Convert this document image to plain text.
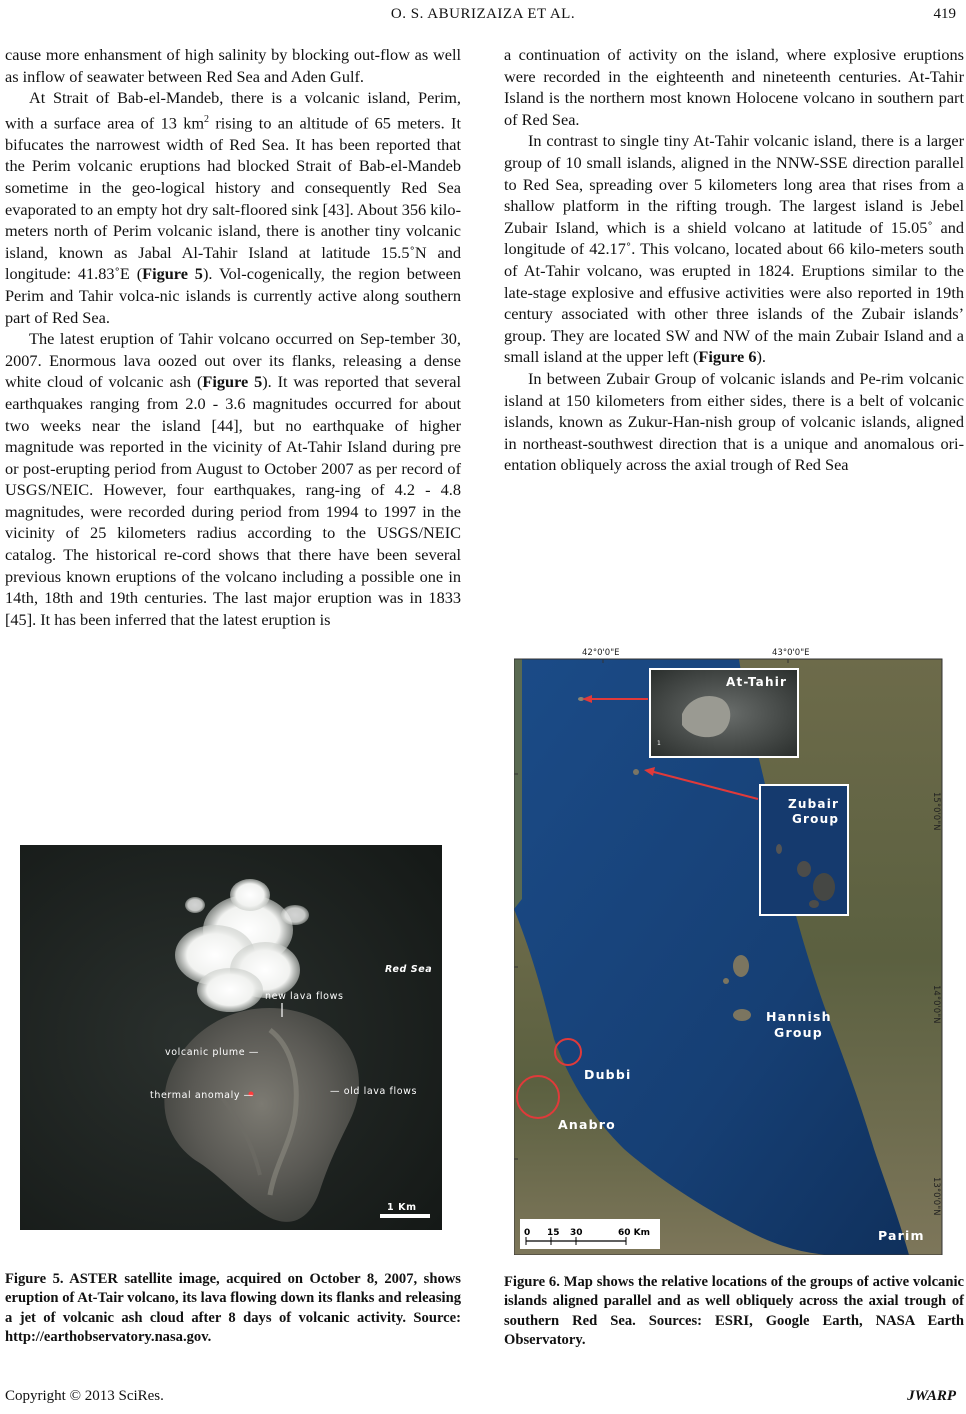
O. S. ABURIZAIZA ET AL.	419

cause more enhansment of high salinity by blocking out-flow as well as inflow of seawater between Red Sea and Aden Gulf.

At Strait of Bab-el-Mandeb, there is a volcanic island, Perim, with a surface area of 13 $km^2$ rising to an altitude of 65 meters. It bifucates the narrowest width of Red Sea. It has been reported that the Perim volcanic eruptions had blocked Strait of Bab-el-Mandeb sometime in the geo-logical history and consequently Red Sea evaporated to an empty hot dry salt-floored sink [43]. About 356 kilo-meters north of Perim volcanic island, there is another tiny volcanic island, known as Jabal Al-Tahir Island at latitude 15.5˚N and longitude: 41.83˚E (Figure 5). Vol-cogenically, the region between Perim and Tahir volca-nic islands is currently active along southern part of Red Sea.

The latest eruption of Tahir volcano occurred on Sep-tember 30, 2007. Enormous lava oozed out over its flanks, releasing a dense white cloud of volcanic ash (Figure 5). It was reported that several earthquakes ranging from 2.0 - 3.6 magnitudes occurred for about two weeks near the island [44], but no earthquake of higher magnitude was reported in the vicinity of At-Tahir Island during pre or post-erupting period from August to October 2007 as per record of USGS/NEIC. However, four earthquakes, rang-ing of 4.2 - 4.8 magnitudes, were recorded during period from 1994 to 1997 in the vicinity of 25 kilometers radius according to the USGS/NEIC catalog. The historical re-cord shows that there have been several previous known eruptions of the volcano including a possible one in 14th, 18th and 19th centuries. The last major eruption was in 1833 [45]. It has been inferred that the latest eruption is

a continuation of activity on the island, where explosive eruptions were recorded in the eighteenth and nineteenth centuries. At-Tahir Island is the northern most known Holocene volcano in southern part of Red Sea.

In contrast to single tiny At-Tahir volcanic island, there is a larger group of 10 small islands, aligned in the NNW-SSE direction parallel to Red Sea, spreading over 5 kilometers long area that rises from a shallow platform in the rifting trough. The largest island is Jebel Zubair Island, which is a shield volcano at latitude of 15.05˚ and longitude of 42.17˚. This volcano, located about 66 kilo-meters south of At-Tahir volcano, was erupted in 1824. Eruptions similar to the late-stage explosive and effusive activities were also reported in 19th century associated with other three islands of the Zubair islands’ group. They are located SW and NW of the main Zubair Island and a small island at the upper left (Figure 6).

In between Zubair Group of volcanic islands and Pe-rim volcanic island at 150 kilometers from either sides, there is a belt of volcanic islands, known as Zukur-Han-nish group of volcanic islands, aligned in northeast-southwest direction that is a unique and anomalous ori-entation obliquely across the axial trough of Red Sea

Red Sea
new lava flows
volcanic plume —
thermal anomaly —	— old lava flows
1 Km
Figure 5. ASTER satellite image, acquired on October 8, 2007, shows eruption of At-Tair volcano, its lava flowing down its flanks and releasing a jet of volcanic ash cloud after 8 days of volcanic activity. Source: http://earthobservatory.nasa.gov.
42°0'0"E	43°0'0"E
1
At-Tahir
Zubair
Group
Hannish
Group
Dubbi
Anabro
Parim
0 15 30	60 Km
15°0'0"N
14°0'0"N
13°0'0"N
Figure 6. Map shows the relative locations of the groups of active volcanic islands aligned parallel and as well obliquely across the axial trough of southern Red Sea. Sources: ESRI, Google Earth, NASA Earth Observatory.
Copyright © 2013 SciRes.	JWARP
